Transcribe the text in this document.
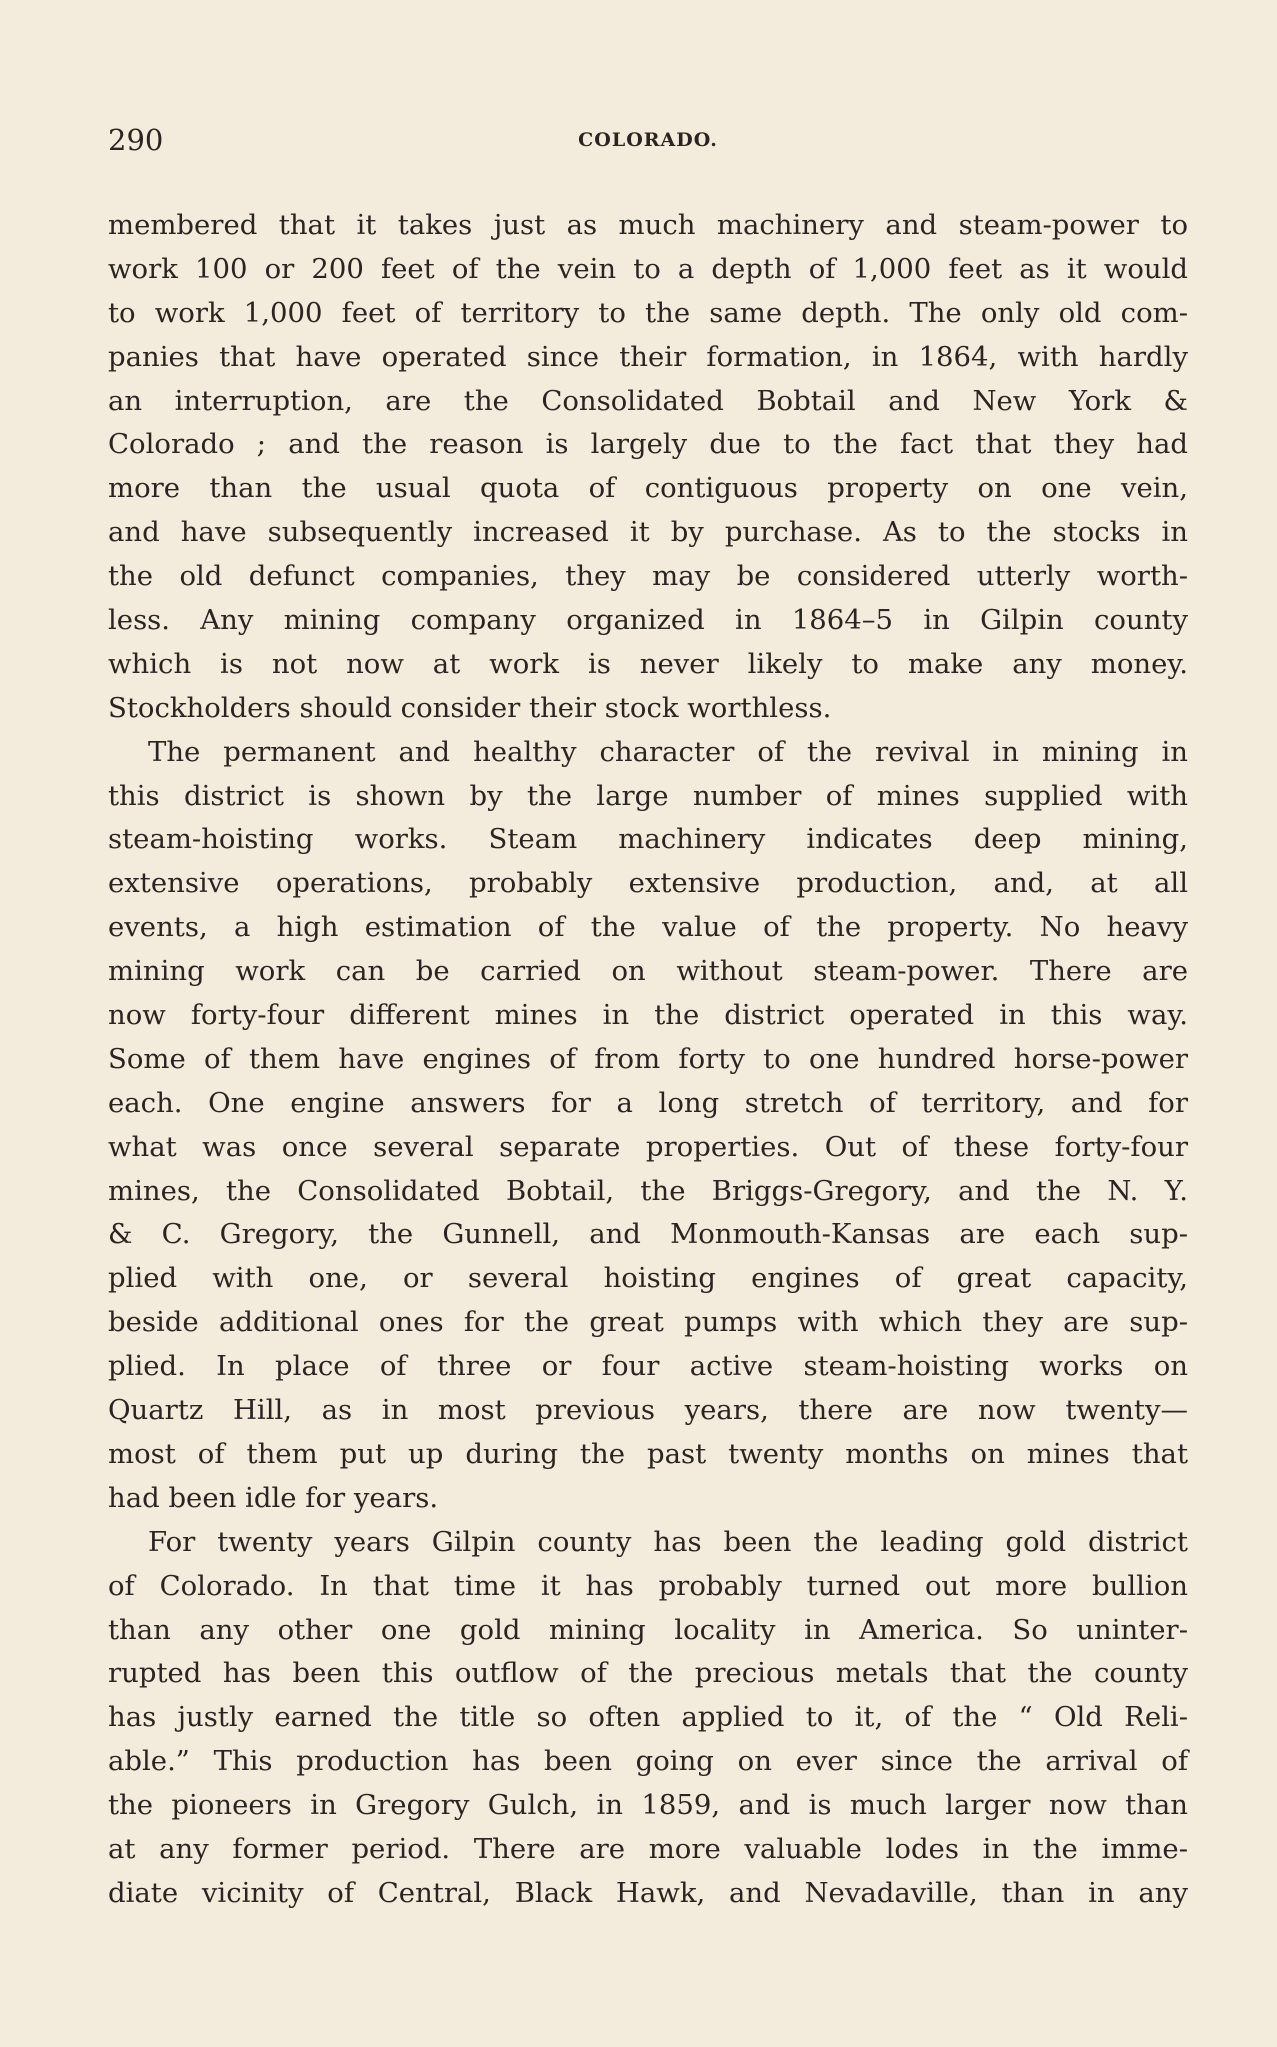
290	COLORADO.
membered that it takes just as much machinery and steam-power to
work 100 or 200 feet of the vein to a depth of 1,000 feet as it would
to work 1,000 feet of territory to the same depth. The only old com-
panies that have operated since their formation, in 1864, with hardly
an interruption, are the Consolidated Bobtail and New York &
Colorado ; and the reason is largely due to the fact that they had
more than the usual quota of contiguous property on one vein,
and have subsequently increased it by purchase. As to the stocks in
the old defunct companies, they may be considered utterly worth-
less. Any mining company organized in 1864–5 in Gilpin county
which is not now at work is never likely to make any money.
Stockholders should consider their stock worthless.
The permanent and healthy character of the revival in mining in
this district is shown by the large number of mines supplied with
steam-hoisting works. Steam machinery indicates deep mining,
extensive operations, probably extensive production, and, at all
events, a high estimation of the value of the property. No heavy
mining work can be carried on without steam-power. There are
now forty-four different mines in the district operated in this way.
Some of them have engines of from forty to one hundred horse-power
each. One engine answers for a long stretch of territory, and for
what was once several separate properties. Out of these forty-four
mines, the Consolidated Bobtail, the Briggs-Gregory, and the N. Y.
& C. Gregory, the Gunnell, and Monmouth-Kansas are each sup-
plied with one, or several hoisting engines of great capacity,
beside additional ones for the great pumps with which they are sup-
plied. In place of three or four active steam-hoisting works on
Quartz Hill, as in most previous years, there are now twenty—
most of them put up during the past twenty months on mines that
had been idle for years.
For twenty years Gilpin county has been the leading gold district
of Colorado. In that time it has probably turned out more bullion
than any other one gold mining locality in America. So uninter-
rupted has been this outflow of the precious metals that the county
has justly earned the title so often applied to it, of the “ Old Reli-
able.” This production has been going on ever since the arrival of
the pioneers in Gregory Gulch, in 1859, and is much larger now than
at any former period. There are more valuable lodes in the imme-
diate vicinity of Central, Black Hawk, and Nevadaville, than in any
